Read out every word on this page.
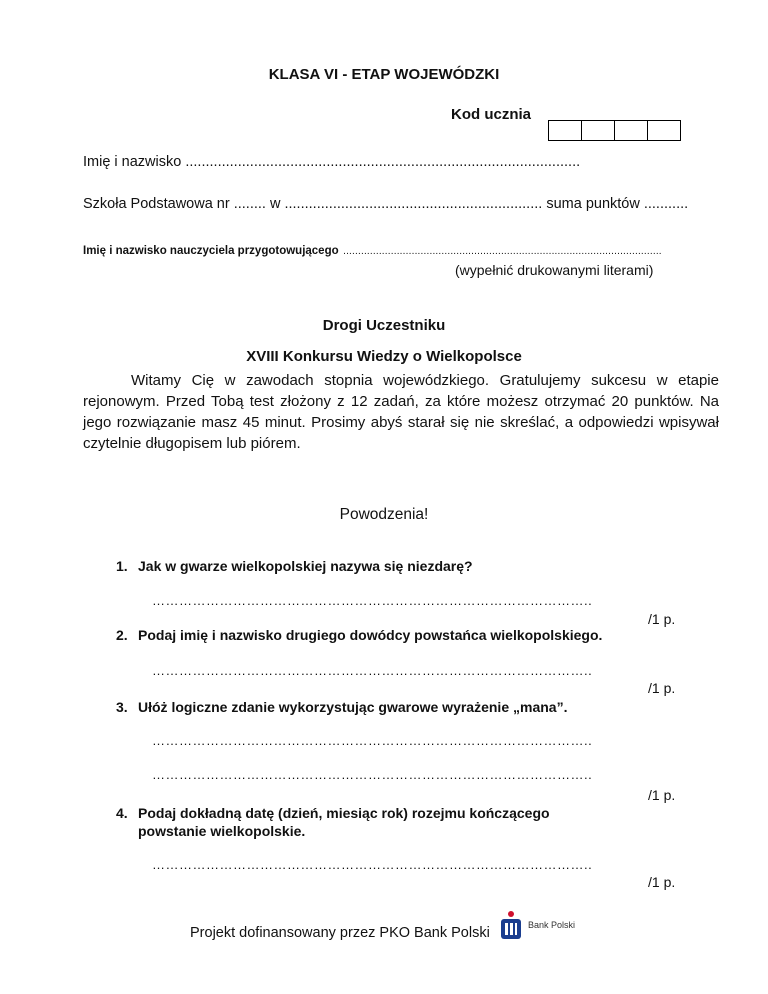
KLASA VI - ETAP WOJEWÓDZKI
Kod ucznia
Imię i nazwisko ..................................................................................................
Szkoła Podstawowa nr ........ w ................................................................ suma punktów ...........
Imię i nazwisko nauczyciela przygotowującego ...........................................................................................................
(wypełnić drukowanymi literami)
Drogi Uczestniku
XVIII Konkursu Wiedzy o Wielkopolsce
Witamy Cię w zawodach stopnia wojewódzkiego. Gratulujemy sukcesu w etapie rejonowym. Przed Tobą test złożony z 12 zadań, za które możesz otrzymać 20 punktów. Na jego rozwiązanie masz 45 minut. Prosimy abyś starał się nie skreślać, a odpowiedzi wpisywał czytelnie długopisem lub piórem.
Powodzenia!
1. Jak w gwarze wielkopolskiej nazywa się niezdarę?
……………………………………………………………………………………..
/1 p.
2. Podaj imię i nazwisko drugiego dowódcy powstańca wielkopolskiego.
……………………………………………………………………………………..
/1 p.
3. Ułóż logiczne zdanie wykorzystując gwarowe wyrażenie „mana”.
……………………………………………………………………………………..
……………………………………………………………………………………..
/1 p.
4. Podaj dokładną datę (dzień, miesiąc rok) rozejmu kończącego powstanie wielkopolskie.
……………………………………………………………………………………..
/1 p.
Projekt dofinansowany przez PKO Bank Polski	Bank Polski
